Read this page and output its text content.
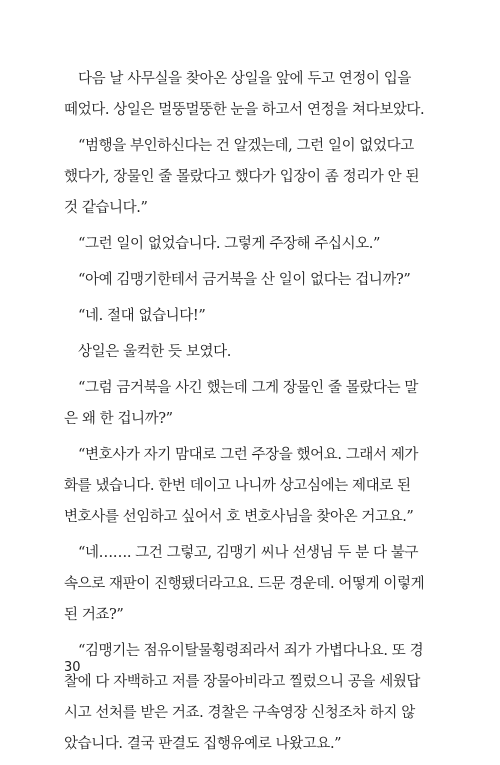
다음 날 사무실을 찾아온 상일을 앞에 두고 연정이 입을
떼었다. 상일은 멀뚱멀뚱한 눈을 하고서 연정을 쳐다보았다.

“범행을 부인하신다는 건 알겠는데, 그런 일이 없었다고
했다가, 장물인 줄 몰랐다고 했다가 입장이 좀 정리가 안 된
것 같습니다.”

“그런 일이 없었습니다. 그렇게 주장해 주십시오.”

“아예 김맹기한테서 금거북을 산 일이 없다는 겁니까?”

“네. 절대 없습니다!”

상일은 울컥한 듯 보였다.

“그럼 금거북을 사긴 했는데 그게 장물인 줄 몰랐다는 말
은 왜 한 겁니까?”

“변호사가 자기 맘대로 그런 주장을 했어요. 그래서 제가
화를 냈습니다. 한번 데이고 나니까 상고심에는 제대로 된
변호사를 선임하고 싶어서 호 변호사님을 찾아온 거고요.”

“네……. 그건 그렇고, 김맹기 씨나 선생님 두 분 다 불구
속으로 재판이 진행됐더라고요. 드문 경운데. 어떻게 이렇게
된 거죠?”

“김맹기는 점유이탈물횡령죄라서 죄가 가볍다나요. 또 경
찰에 다 자백하고 저를 장물아비라고 찔렀으니 공을 세웠답
시고 선처를 받은 거죠. 경찰은 구속영장 신청조차 하지 않
았습니다. 결국 판결도 집행유예로 나왔고요.”

30
